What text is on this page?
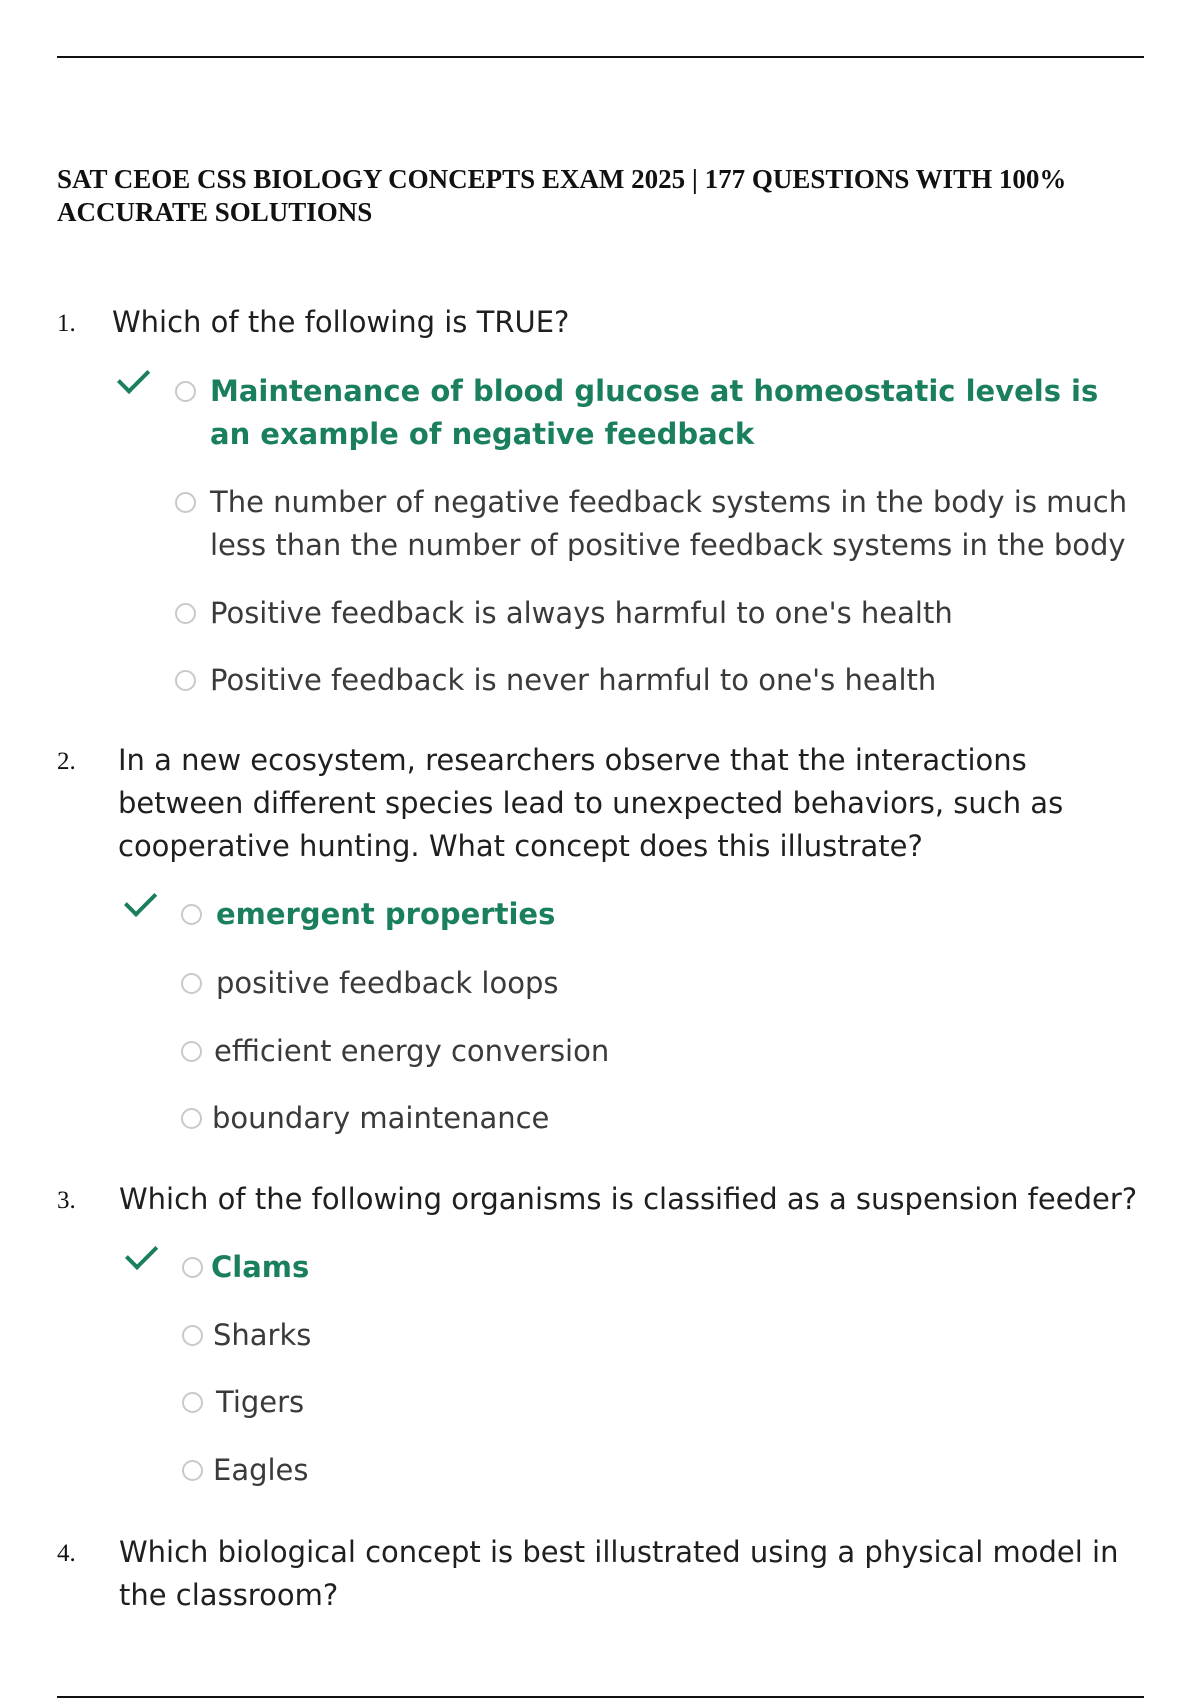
SAT CEOE CSS BIOLOGY CONCEPTS EXAM 2025 | 177 QUESTIONS WITH 100% ACCURATE SOLUTIONS
1. Which of the following is TRUE?
Maintenance of blood glucose at homeostatic levels is an example of negative feedback
The number of negative feedback systems in the body is much less than the number of positive feedback systems in the body
Positive feedback is always harmful to one's health
Positive feedback is never harmful to one's health
2. In a new ecosystem, researchers observe that the interactions between different species lead to unexpected behaviors, such as cooperative hunting. What concept does this illustrate?
emergent properties
positive feedback loops
efficient energy conversion
boundary maintenance
3. Which of the following organisms is classified as a suspension feeder?
Clams
Sharks
Tigers
Eagles
4. Which biological concept is best illustrated using a physical model in the classroom?
